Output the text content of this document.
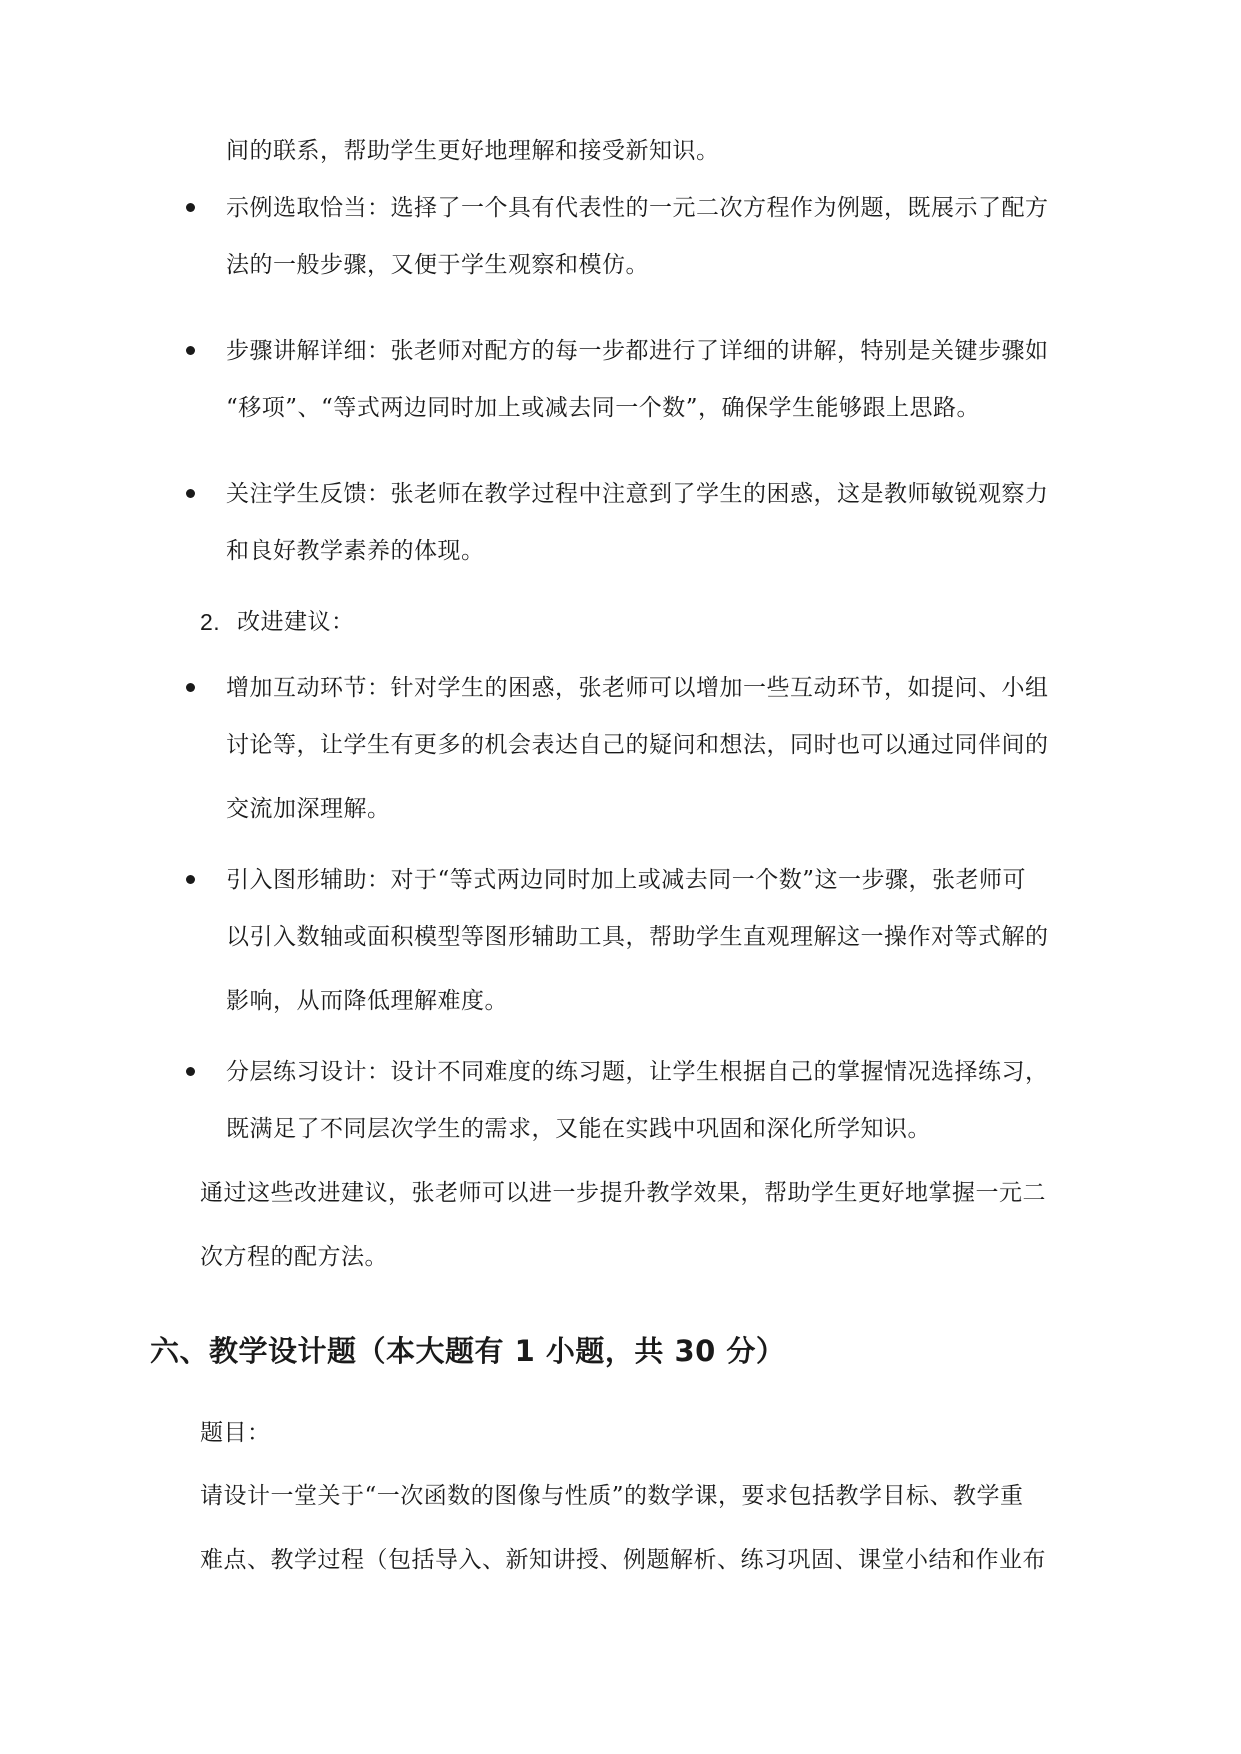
间的联系，帮助学生更好地理解和接受新知识。
示例选取恰当：选择了一个具有代表性的一元二次方程作为例题，既展示了配方
法的一般步骤，又便于学生观察和模仿。
步骤讲解详细：张老师对配方的每一步都进行了详细的讲解，特别是关键步骤如
“移项”、“等式两边同时加上或减去同一个数”，确保学生能够跟上思路。
关注学生反馈：张老师在教学过程中注意到了学生的困惑，这是教师敏锐观察力
和良好教学素养的体现。
2. 改进建议：
增加互动环节：针对学生的困惑，张老师可以增加一些互动环节，如提问、小组
讨论等，让学生有更多的机会表达自己的疑问和想法，同时也可以通过同伴间的
交流加深理解。
引入图形辅助：对于“等式两边同时加上或减去同一个数”这一步骤，张老师可
以引入数轴或面积模型等图形辅助工具，帮助学生直观理解这一操作对等式解的
影响，从而降低理解难度。
分层练习设计：设计不同难度的练习题，让学生根据自己的掌握情况选择练习，
既满足了不同层次学生的需求，又能在实践中巩固和深化所学知识。
通过这些改进建议，张老师可以进一步提升教学效果，帮助学生更好地掌握一元二
次方程的配方法。
六、教学设计题（本大题有 1 小题，共 30 分）
题目：
请设计一堂关于“一次函数的图像与性质”的数学课，要求包括教学目标、教学重
难点、教学过程（包括导入、新知讲授、例题解析、练习巩固、课堂小结和作业布
